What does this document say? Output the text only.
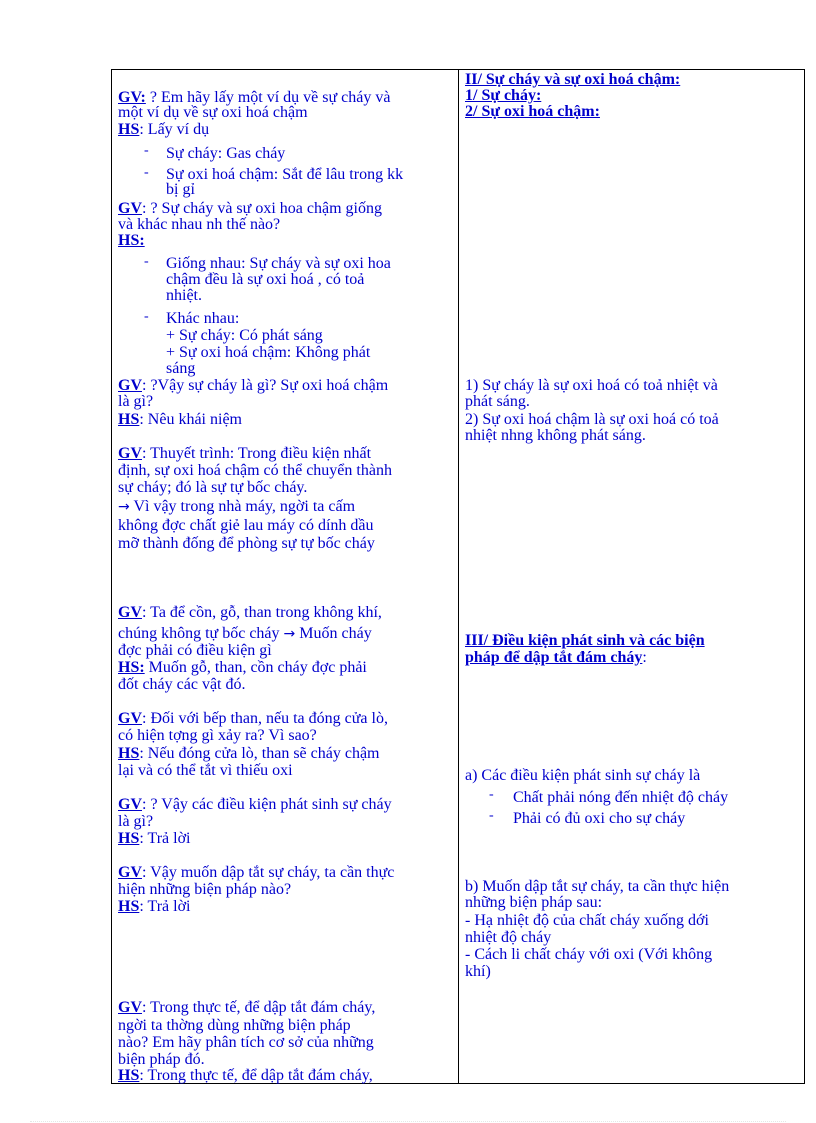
GV: ? Em hãy lấy một ví dụ về sự cháy và
một ví dụ về sự oxi hoá chậm
HS: Lấy ví dụ
- Sự cháy: Gas cháy
- Sự oxi hoá chậm: Sắt để lâu trong kk
bị gỉ
GV: ? Sự cháy và sự oxi hoa chậm giống
và khác nhau nh thế nào?
HS:
- Giống nhau: Sự cháy và sự oxi hoa
chậm đều là sự oxi hoá , có toả
nhiệt.
- Khác nhau:
+ Sự cháy: Có phát sáng
+ Sự oxi hoá chậm: Không phát
sáng
GV: ?Vậy sự cháy là gì? Sự oxi hoá chậm
là gì?
HS: Nêu khái niệm
GV: Thuyết trình: Trong điều kiện nhất
định, sự oxi hoá chậm có thể chuyển thành
sự cháy; đó là sự tự bốc cháy.
→ Vì vậy trong nhà máy, ngời ta cấm
không đợc chất giẻ lau máy có dính dầu
mỡ thành đống để phòng sự tự bốc cháy
GV: Ta để cồn, gỗ, than trong không khí,
chúng không tự bốc cháy → Muốn cháy
đợc phải có điều kiện gì
HS: Muốn gỗ, than, cồn cháy đợc phải
đốt cháy các vật đó.
GV: Đối với bếp than, nếu ta đóng cửa lò,
có hiện tợng gì xảy ra? Vì sao?
HS: Nếu đóng cửa lò, than sẽ cháy chậm
lại và có thể tắt vì thiếu oxi
GV: ? Vậy các điều kiện phát sinh sự cháy
là gì?
HS: Trả lời
GV: Vậy muốn dập tắt sự cháy, ta cần thực
hiện những biện pháp nào?
HS: Trả lời
GV: Trong thực tế, để dập tắt đám cháy,
ngời ta thờng dùng những biện pháp
nào? Em hãy phân tích cơ sở của những
biện pháp đó.
HS: Trong thực tế, để dập tắt đám cháy,
II/ Sự cháy và sự oxi hoá chậm:
1/ Sự cháy:
2/ Sự oxi hoá chậm:
1) Sự cháy là sự oxi hoá có toả nhiệt và
phát sáng.
2) Sự oxi hoá chậm là sự oxi hoá có toả
nhiệt nhng không phát sáng.
III/ Điều kiện phát sinh và các biện
pháp để dập tắt đám cháy:
a) Các điều kiện phát sinh sự cháy là
- Chất phải nóng đến nhiệt độ cháy
- Phải có đủ oxi cho sự cháy
b) Muốn dập tắt sự cháy, ta cần thực hiện
những biện pháp sau:
- Hạ nhiệt độ của chất cháy xuống dới
nhiệt độ cháy
- Cách li chất cháy với oxi (Với không
khí)
